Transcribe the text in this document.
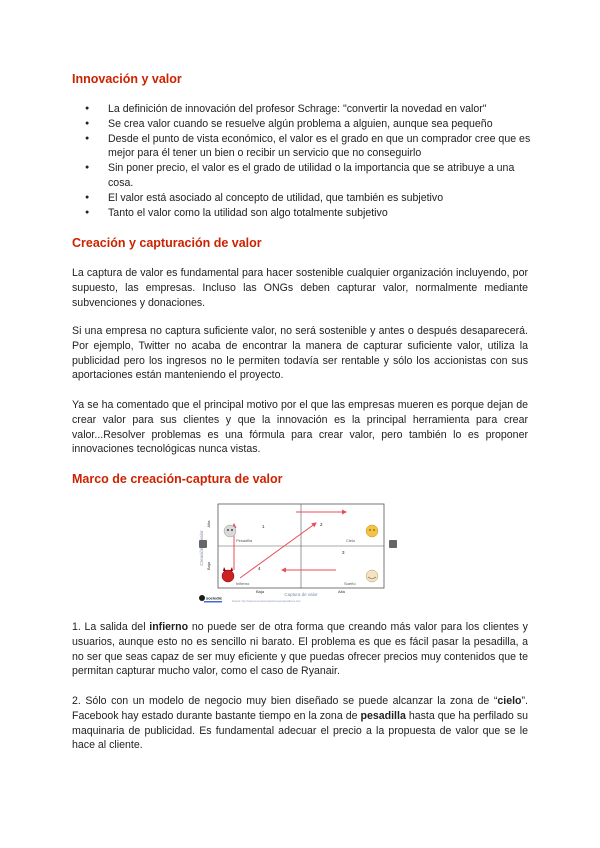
Innovación y valor
● La definición de innovación del profesor Schrage: "convertir la novedad en valor"
● Se crea valor cuando se resuelve algún problema a alguien, aunque sea pequeño
● Desde el punto de vista económico, el valor es el grado en que un comprador cree que es mejor para él tener un bien o recibir un servicio que no conseguirlo
● Sin poner precio, el valor es el grado de utilidad o la importancia que se atribuye a una cosa.
● El valor está asociado al concepto de utilidad, que también es subjetivo
● Tanto el valor como la utilidad son algo totalmente subjetivo
Creación y capturación de valor

La captura de valor es fundamental para hacer sostenible cualquier organización incluyendo, por supuesto, las empresas. Incluso las ONGs deben capturar valor, normalmente mediante subvenciones y donaciones.

Si una empresa no captura suficiente valor, no será sostenible y antes o después desaparecerá. Por ejemplo, Twitter no acaba de encontrar la manera de capturar suficiente valor, utiliza la publicidad pero los ingresos no le permiten todavía ser rentable y sólo los accionistas con sus aportaciones están manteniendo el proyecto.

Ya se ha comentado que el principal motivo por el que las empresas mueren es porque dejan de crear valor para sus clientes y que la innovación es la principal herramienta para crear valor...Resolver problemas es una fórmula para crear valor, pero también lo es proponer innovaciones tecnológicas nunca vistas.

Marco de creación-captura de valor
Alta
Baja
1	2
3
4
Pesadilla	Cielo
Infierno	Sueño
Baja	Alta
Captura de valor
sociedic
Fuente: http://www.innovacionsolucionesypragmatismo.com

1. La salida del infierno no puede ser de otra forma que creando más valor para los clientes y usuarios, aunque esto no es sencillo ni barato. El problema es que es fácil pasar la pesadilla, a no ser que seas capaz de ser muy eficiente y que puedas ofrecer precios muy contenidos que te permitan capturar mucho valor, como el caso de Ryanair.

2. Sólo con un modelo de negocio muy bien diseñado se puede alcanzar la zona de “cielo”. Facebook hay estado durante bastante tiempo en la zona de pesadilla hasta que ha perfilado su maquinaria de publicidad. Es fundamental adecuar el precio a la propuesta de valor que se le hace al cliente.
